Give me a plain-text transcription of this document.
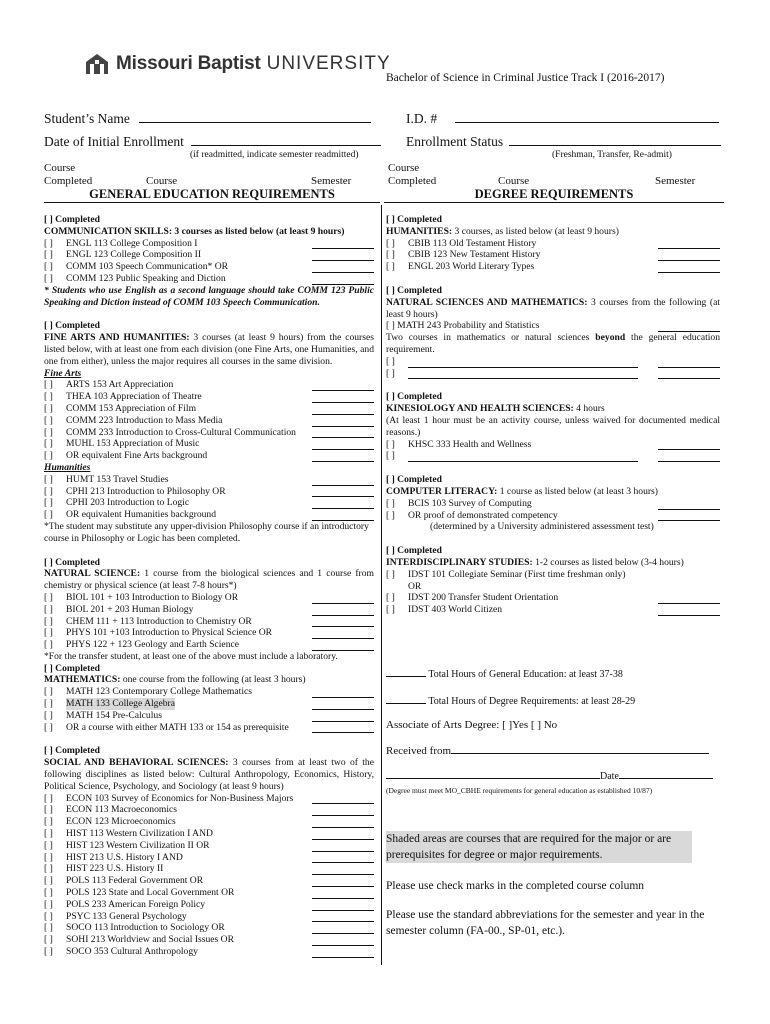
Missouri Baptist UNIVERSITY
Bachelor of Science in Criminal Justice Track I (2016-2017)
Student’s Name	I.D. #
Date of Initial Enrollment
(if readmitted, indicate semester readmitted)
Enrollment Status
(Freshman, Transfer, Re-admit)
Course
Completed	Course	Semester
GENERAL EDUCATION REQUIREMENTS
Course
Completed	Course	Semester
DEGREE REQUIREMENTS
[ ] Completed
COMMUNICATION SKILLS: 3 courses as listed below (at least 9 hours)
[ ]	ENGL 113 College Composition I
[ ]	ENGL 123 College Composition II
[ ]	COMM 103 Speech Communication* OR
[ ]	COMM 123 Public Speaking and Diction
* Students who use English as a second language should take COMM 123 Public Speaking and Diction instead of COMM 103 Speech Communication.
[ ] Completed
FINE ARTS AND HUMANITIES: 3 courses (at least 9 hours) from the courses listed below, with at least one from each division (one Fine Arts, one Humanities, and one from either), unless the major requires all courses in the same division.
Fine Arts
[ ]	ARTS 153 Art Appreciation
[ ]	THEA 103 Appreciation of Theatre
[ ]	COMM 153 Appreciation of Film
[ ]	COMM 223 Introduction to Mass Media
[ ]	COMM 233 Introduction to Cross-Cultural Communication
[ ]	MUHL 153 Appreciation of Music
[ ]	OR equivalent Fine Arts background
Humanities
[ ]	HUMT 153 Travel Studies
[ ]	CPHI 213 Introduction to Philosophy OR
[ ]	CPHI 203 Introduction to Logic
[ ]	OR equivalent Humanities background
*The student may substitute any upper-division Philosophy course if an introductory course in Philosophy or Logic has been completed.
[ ] Completed
NATURAL SCIENCE: 1 course from the biological sciences and 1 course from chemistry or physical science (at least 7-8 hours*)
[ ]	BIOL 101 + 103 Introduction to Biology OR
[ ]	BIOL 201 + 203 Human Biology
[ ]	CHEM 111 + 113 Introduction to Chemistry OR
[ ]	PHYS 101 +103 Introduction to Physical Science OR
[ ]	PHYS 122 + 123 Geology and Earth Science
*For the transfer student, at least one of the above must include a laboratory.
[ ] Completed
MATHEMATICS: one course from the following (at least 3 hours)
[ ]	MATH 123 Contemporary College Mathematics
[ ]	MATH 133 College Algebra
[ ]	MATH 154 Pre-Calculus
[ ]	OR a course with either MATH 133 or 154 as prerequisite
[ ] Completed
SOCIAL AND BEHAVIORAL SCIENCES: 3 courses from at least two of the following disciplines as listed below: Cultural Anthropology, Economics, History, Political Science, Psychology, and Sociology (at least 9 hours)
[ ]	ECON 103 Survey of Economics for Non-Business Majors
[ ]	ECON 113 Macroeconomics
[ ]	ECON 123 Microeconomics
[ ]	HIST 113 Western Civilization I AND
[ ]	HIST 123 Western Civilization II OR
[ ]	HIST 213 U.S. History I AND
[ ]	HIST 223 U.S. History II
[ ]	POLS 113 Federal Government OR
[ ]	POLS 123 State and Local Government OR
[ ]	POLS 233 American Foreign Policy
[ ]	PSYC 133 General Psychology
[ ]	SOCO 113 Introduction to Sociology OR
[ ]	SOHI 213 Worldview and Social Issues OR
[ ]	SOCO 353 Cultural Anthropology
[ ] Completed
HUMANITIES: 3 courses, as listed below (at least 9 hours)
[ ]	CBIB 113 Old Testament History
[ ]	CBIB 123 New Testament History
[ ]	ENGL 203 World Literary Types
[ ] Completed
NATURAL SCIENCES AND MATHEMATICS: 3 courses from the following (at least 9 hours)
[ ] MATH 243 Probability and Statistics
Two courses in mathematics or natural sciences beyond the general education requirement.
[ ]
[ ]
[ ] Completed
KINESIOLOGY AND HEALTH SCIENCES: 4 hours
(At least 1 hour must be an activity course, unless waived for documented medical reasons.)
[ ]	KHSC 333 Health and Wellness
[ ]
[ ] Completed
COMPUTER LITERACY: 1 course as listed below (at least 3 hours)
[ ]	BCIS 103 Survey of Computing
[ ]	OR proof of demonstrated competency
(determined by a University administered assessment test)
[ ] Completed
INTERDISCIPLINARY STUDIES: 1-2 courses as listed below (3-4 hours)
[ ]	IDST 101 Collegiate Seminar (First time freshman only)
OR
[ ]	IDST 200 Transfer Student Orientation
[ ]	IDST 403 World Citizen
Total Hours of General Education: at least 37-38
Total Hours of Degree Requirements: at least 28-29
Associate of Arts Degree: [ ]Yes [ ] No
Received from
Date
(Degree must meet MO_CBHE requirements for general education as established 10/87)
Shaded areas are courses that are required for the major or are prerequisites for degree or major requirements.
Please use check marks in the completed course column
Please use the standard abbreviations for the semester and year in the semester column (FA-00., SP-01, etc.).
